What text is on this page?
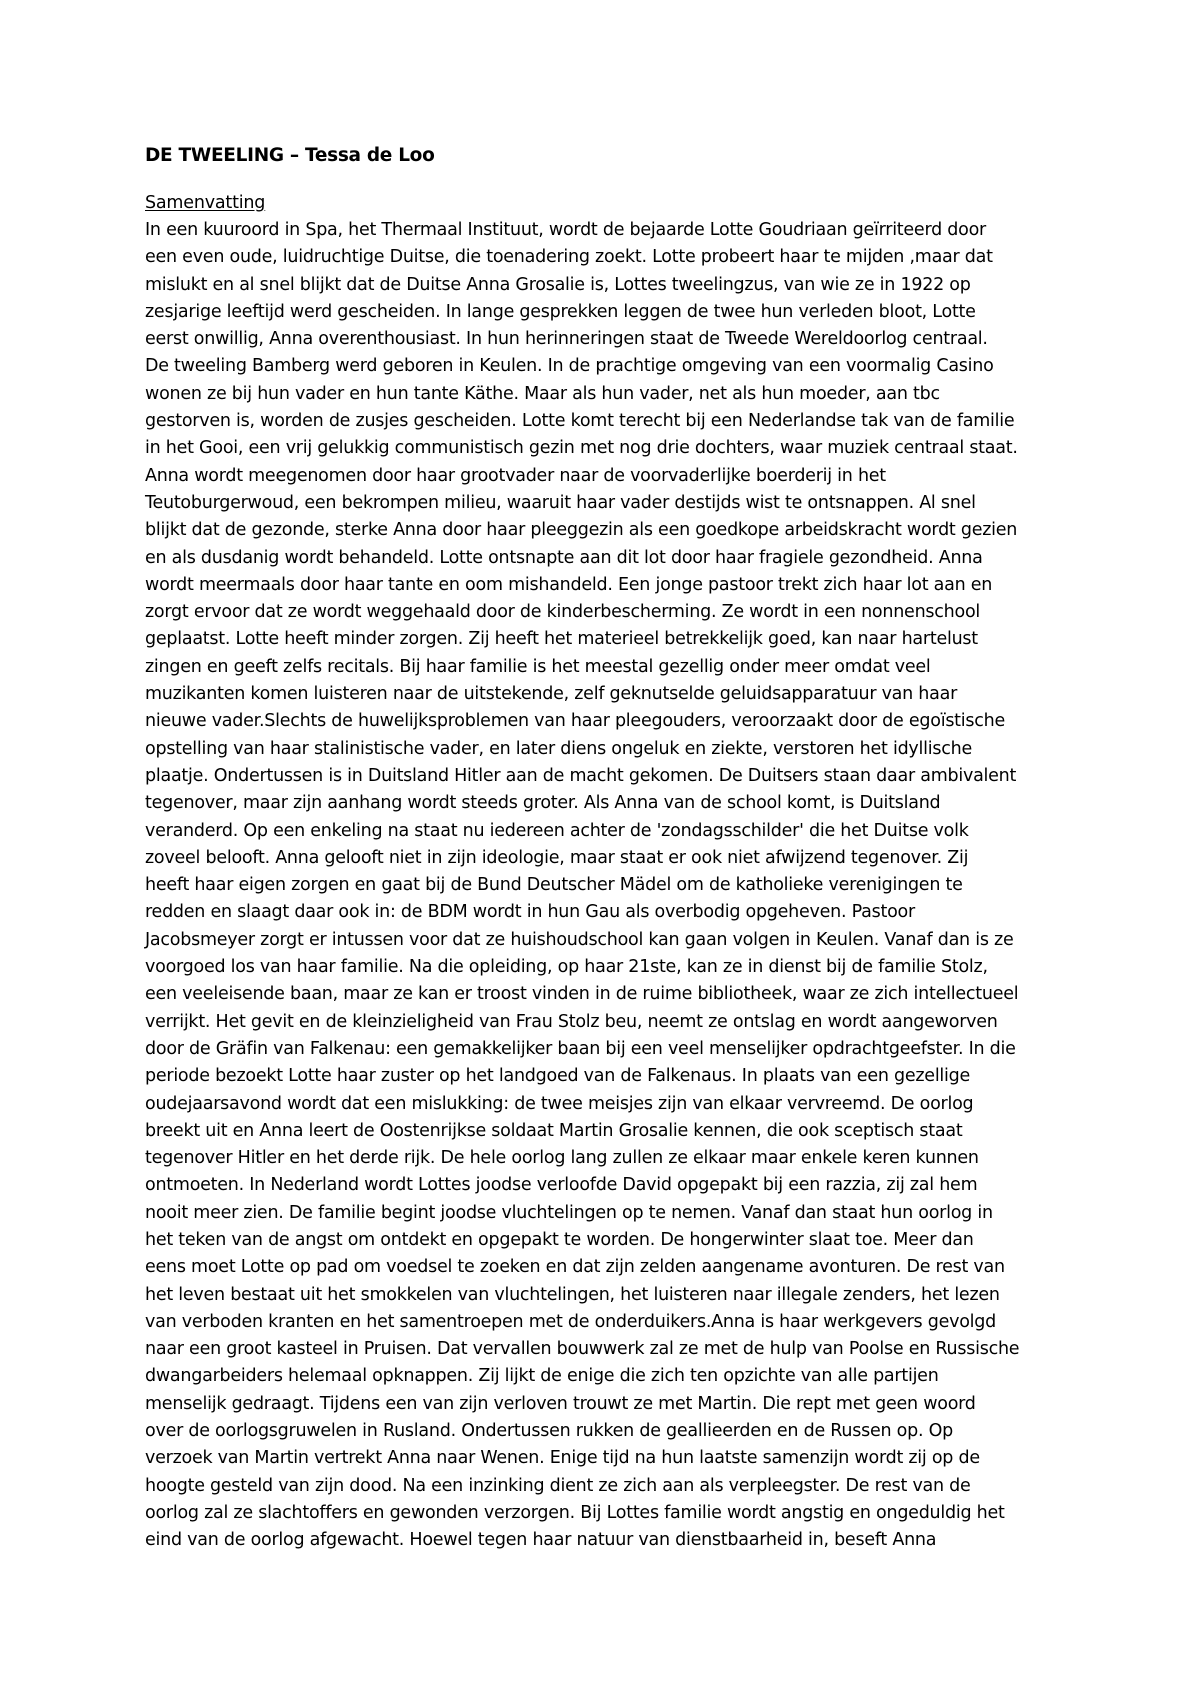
DE TWEELING – Tessa de Loo
Samenvatting
In een kuuroord in Spa, het Thermaal Instituut, wordt de bejaarde Lotte Goudriaan geïrriteerd door
een even oude, luidruchtige Duitse, die toenadering zoekt. Lotte probeert haar te mijden ,maar dat
mislukt en al snel blijkt dat de Duitse Anna Grosalie is, Lottes tweelingzus, van wie ze in 1922 op
zesjarige leeftijd werd gescheiden. In lange gesprekken leggen de twee hun verleden bloot, Lotte
eerst onwillig, Anna overenthousiast. In hun herinneringen staat de Tweede Wereldoorlog centraal.
De tweeling Bamberg werd geboren in Keulen. In de prachtige omgeving van een voormalig Casino
wonen ze bij hun vader en hun tante Käthe. Maar als hun vader, net als hun moeder, aan tbc
gestorven is, worden de zusjes gescheiden. Lotte komt terecht bij een Nederlandse tak van de familie
in het Gooi, een vrij gelukkig communistisch gezin met nog drie dochters, waar muziek centraal staat.
Anna wordt meegenomen door haar grootvader naar de voorvaderlijke boerderij in het
Teutoburgerwoud, een bekrompen milieu, waaruit haar vader destijds wist te ontsnappen. Al snel
blijkt dat de gezonde, sterke Anna door haar pleeggezin als een goedkope arbeidskracht wordt gezien
en als dusdanig wordt behandeld. Lotte ontsnapte aan dit lot door haar fragiele gezondheid. Anna
wordt meermaals door haar tante en oom mishandeld. Een jonge pastoor trekt zich haar lot aan en
zorgt ervoor dat ze wordt weggehaald door de kinderbescherming. Ze wordt in een nonnenschool
geplaatst. Lotte heeft minder zorgen. Zij heeft het materieel betrekkelijk goed, kan naar hartelust
zingen en geeft zelfs recitals. Bij haar familie is het meestal gezellig onder meer omdat veel
muzikanten komen luisteren naar de uitstekende, zelf geknutselde geluidsapparatuur van haar
nieuwe vader.Slechts de huwelijksproblemen van haar pleegouders, veroorzaakt door de egoïstische
opstelling van haar stalinistische vader, en later diens ongeluk en ziekte, verstoren het idyllische
plaatje. Ondertussen is in Duitsland Hitler aan de macht gekomen. De Duitsers staan daar ambivalent
tegenover, maar zijn aanhang wordt steeds groter. Als Anna van de school komt, is Duitsland
veranderd. Op een enkeling na staat nu iedereen achter de 'zondagsschilder' die het Duitse volk
zoveel belooft. Anna gelooft niet in zijn ideologie, maar staat er ook niet afwijzend tegenover. Zij
heeft haar eigen zorgen en gaat bij de Bund Deutscher Mädel om de katholieke verenigingen te
redden en slaagt daar ook in: de BDM wordt in hun Gau als overbodig opgeheven. Pastoor
Jacobsmeyer zorgt er intussen voor dat ze huishoudschool kan gaan volgen in Keulen. Vanaf dan is ze
voorgoed los van haar familie. Na die opleiding, op haar 21ste, kan ze in dienst bij de familie Stolz,
een veeleisende baan, maar ze kan er troost vinden in de ruime bibliotheek, waar ze zich intellectueel
verrijkt. Het gevit en de kleinzieligheid van Frau Stolz beu, neemt ze ontslag en wordt aangeworven
door de Gräfin van Falkenau: een gemakkelijker baan bij een veel menselijker opdrachtgeefster. In die
periode bezoekt Lotte haar zuster op het landgoed van de Falkenaus. In plaats van een gezellige
oudejaarsavond wordt dat een mislukking: de twee meisjes zijn van elkaar vervreemd. De oorlog
breekt uit en Anna leert de Oostenrijkse soldaat Martin Grosalie kennen, die ook sceptisch staat
tegenover Hitler en het derde rijk. De hele oorlog lang zullen ze elkaar maar enkele keren kunnen
ontmoeten. In Nederland wordt Lottes joodse verloofde David opgepakt bij een razzia, zij zal hem
nooit meer zien. De familie begint joodse vluchtelingen op te nemen. Vanaf dan staat hun oorlog in
het teken van de angst om ontdekt en opgepakt te worden. De hongerwinter slaat toe. Meer dan
eens moet Lotte op pad om voedsel te zoeken en dat zijn zelden aangename avonturen. De rest van
het leven bestaat uit het smokkelen van vluchtelingen, het luisteren naar illegale zenders, het lezen
van verboden kranten en het samentroepen met de onderduikers.Anna is haar werkgevers gevolgd
naar een groot kasteel in Pruisen. Dat vervallen bouwwerk zal ze met de hulp van Poolse en Russische
dwangarbeiders helemaal opknappen. Zij lijkt de enige die zich ten opzichte van alle partijen
menselijk gedraagt. Tijdens een van zijn verloven trouwt ze met Martin. Die rept met geen woord
over de oorlogsgruwelen in Rusland. Ondertussen rukken de geallieerden en de Russen op. Op
verzoek van Martin vertrekt Anna naar Wenen. Enige tijd na hun laatste samenzijn wordt zij op de
hoogte gesteld van zijn dood. Na een inzinking dient ze zich aan als verpleegster. De rest van de
oorlog zal ze slachtoffers en gewonden verzorgen. Bij Lottes familie wordt angstig en ongeduldig het
eind van de oorlog afgewacht. Hoewel tegen haar natuur van dienstbaarheid in, beseft Anna
